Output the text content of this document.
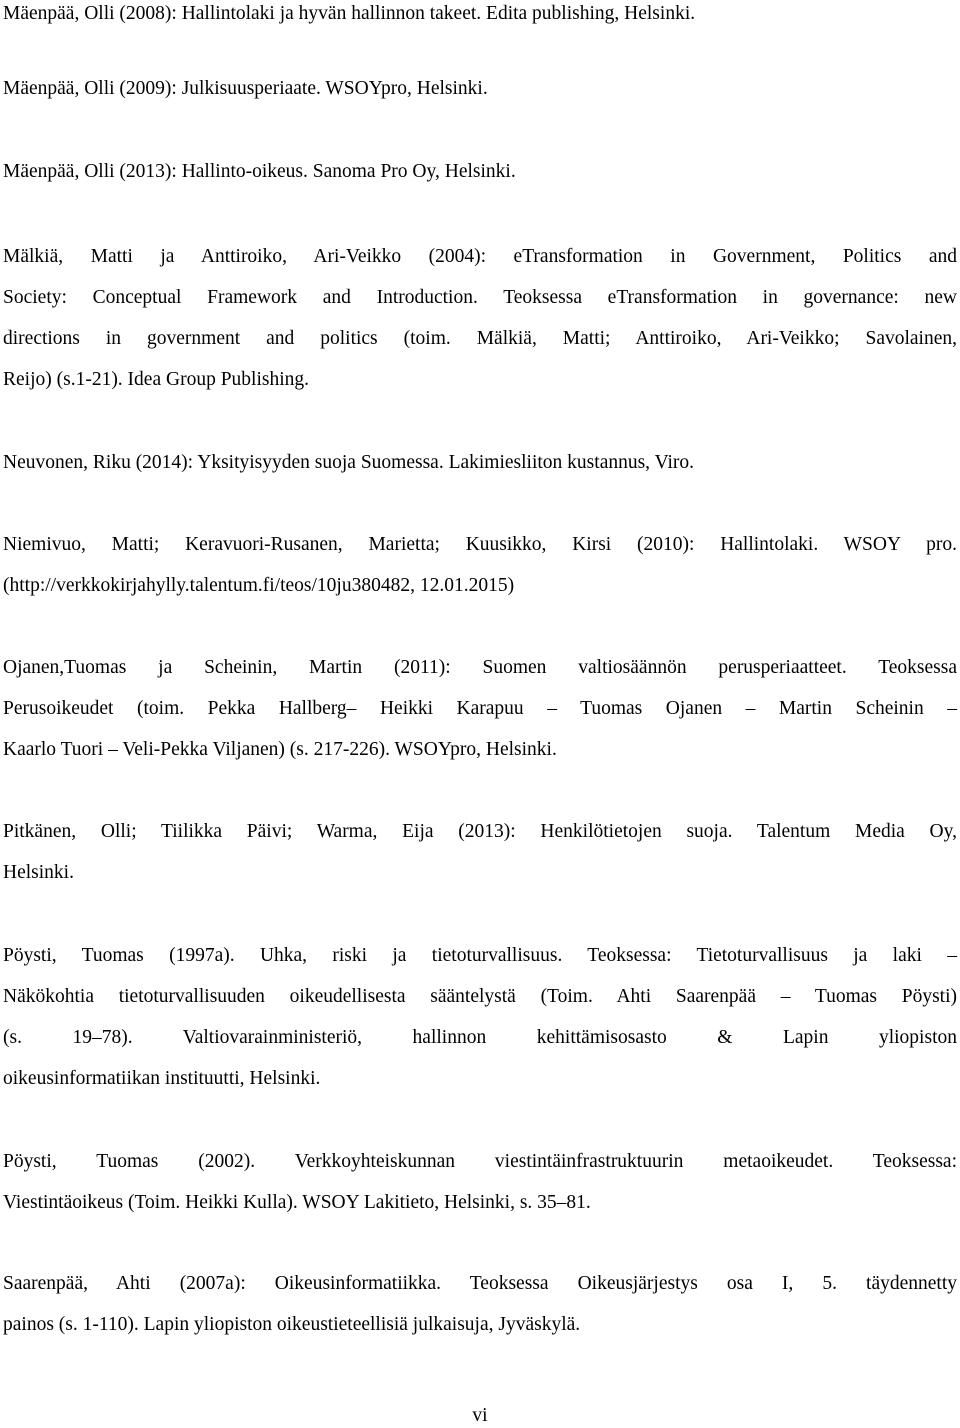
Mäenpää, Olli (2008): Hallintolaki ja hyvän hallinnon takeet. Edita publishing, Helsinki.
Mäenpää, Olli (2009): Julkisuusperiaate. WSOYpro, Helsinki.
Mäenpää, Olli (2013): Hallinto-oikeus. Sanoma Pro Oy, Helsinki.
Mälkiä, Matti ja Anttiroiko, Ari-Veikko (2004): eTransformation in Government, Politics and
Society: Conceptual Framework and Introduction. Teoksessa eTransformation in governance: new
directions in government and politics (toim. Mälkiä, Matti; Anttiroiko, Ari-Veikko; Savolainen,
Reijo) (s.1-21). Idea Group Publishing.
Neuvonen, Riku (2014): Yksityisyyden suoja Suomessa. Lakimiesliiton kustannus, Viro.
Niemivuo, Matti; Keravuori-Rusanen, Marietta; Kuusikko, Kirsi (2010): Hallintolaki. WSOY pro.
(http://verkkokirjahylly.talentum.fi/teos/10ju380482, 12.01.2015)
Ojanen,Tuomas ja Scheinin, Martin (2011): Suomen valtiosäännön perusperiaatteet. Teoksessa
Perusoikeudet (toim. Pekka Hallberg– Heikki Karapuu – Tuomas Ojanen – Martin Scheinin –
Kaarlo Tuori – Veli-Pekka Viljanen) (s. 217-226). WSOYpro, Helsinki.
Pitkänen, Olli; Tiilikka Päivi; Warma, Eija (2013): Henkilötietojen suoja. Talentum Media Oy,
Helsinki.
Pöysti, Tuomas (1997a). Uhka, riski ja tietoturvallisuus. Teoksessa: Tietoturvallisuus ja laki –
Näkökohtia tietoturvallisuuden oikeudellisesta sääntelystä (Toim. Ahti Saarenpää – Tuomas Pöysti)
(s. 19–78). Valtiovarainministeriö, hallinnon kehittämisosasto & Lapin yliopiston
oikeusinformatiikan instituutti, Helsinki.
Pöysti, Tuomas (2002). Verkkoyhteiskunnan viestintäinfrastruktuurin metaoikeudet. Teoksessa:
Viestintäoikeus (Toim. Heikki Kulla). WSOY Lakitieto, Helsinki, s. 35–81.
Saarenpää, Ahti (2007a): Oikeusinformatiikka. Teoksessa Oikeusjärjestys osa I, 5. täydennetty
painos (s. 1-110). Lapin yliopiston oikeustieteellisiä julkaisuja, Jyväskylä.
vi
